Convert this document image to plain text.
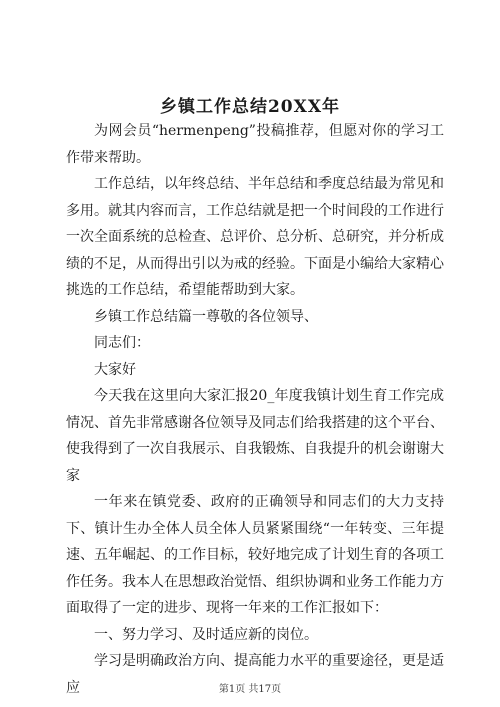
乡镇工作总结20XX年

为网会员“hermenpeng”投稿推荐，但愿对你的学习工作带来帮助。

工作总结，以年终总结、半年总结和季度总结最为常见和多用。就其内容而言，工作总结就是把一个时间段的工作进行一次全面系统的总检查、总评价、总分析、总研究，并分析成绩的不足，从而得出引以为戒的经验。下面是小编给大家精心挑选的工作总结，希望能帮助到大家。

乡镇工作总结篇一尊敬的各位领导、

同志们：

大家好

今天我在这里向大家汇报20_年度我镇计划生育工作完成情况、首先非常感谢各位领导及同志们给我搭建的这个平台、使我得到了一次自我展示、自我锻炼、自我提升的机会谢谢大家

一年来在镇党委、政府的正确领导和同志们的大力支持下、镇计生办全体人员全体人员紧紧围绕“一年转变、三年提速、五年崛起、的工作目标，较好地完成了计划生育的各项工作任务。我本人在思想政治觉悟、组织协调和业务工作能力方面取得了一定的进步、现将一年来的工作汇报如下：

一、努力学习、及时适应新的岗位。

学习是明确政治方向、提高能力水平的重要途径，更是适应	第1页 共17页
